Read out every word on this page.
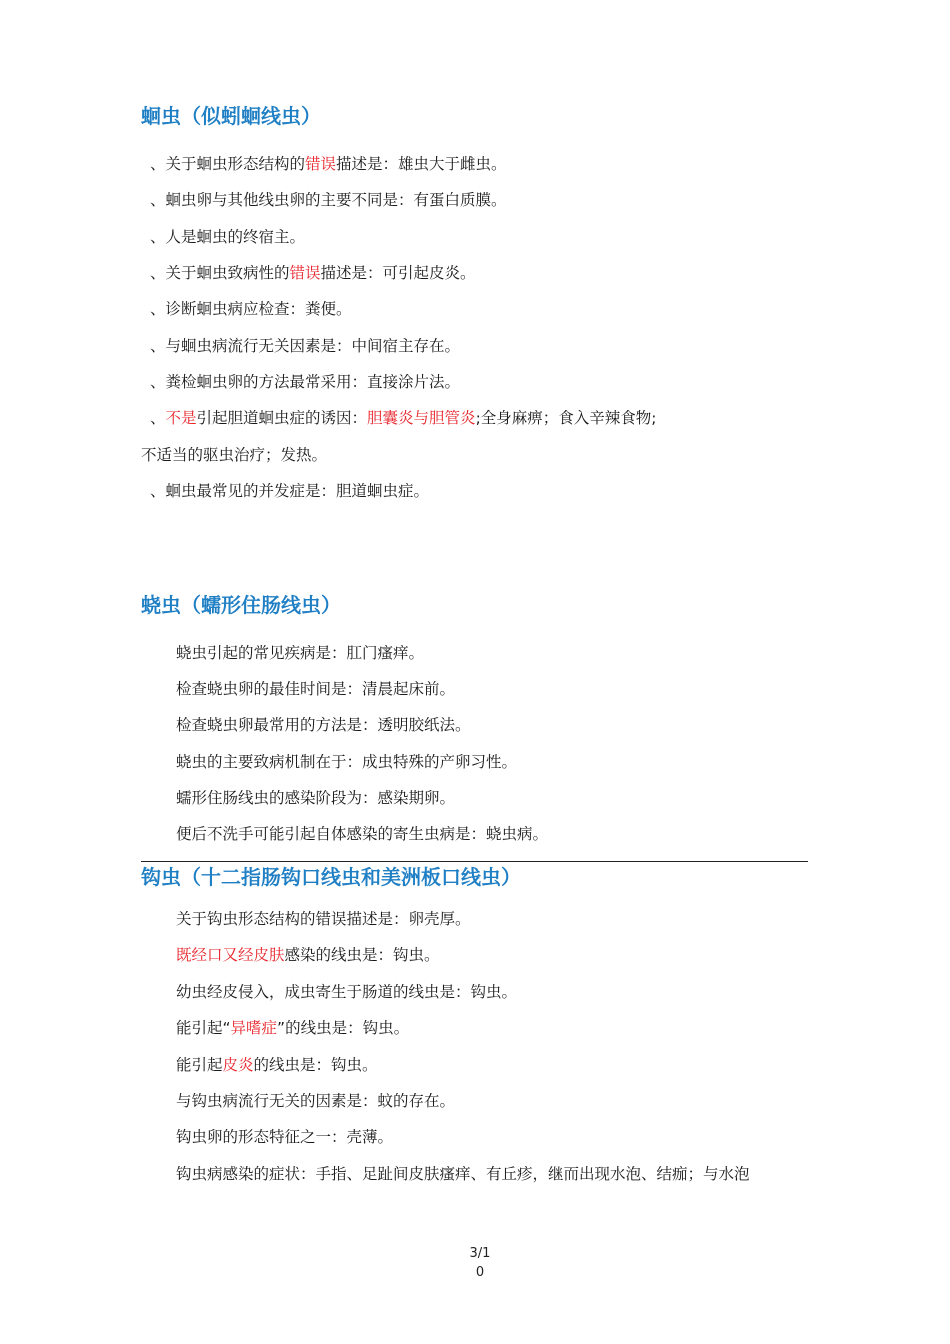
蛔虫（似蚓蛔线虫）

、关于蛔虫形态结构的错误描述是：雄虫大于雌虫。

、蛔虫卵与其他线虫卵的主要不同是：有蛋白质膜。

、人是蛔虫的终宿主。

、关于蛔虫致病性的错误描述是：可引起皮炎。

、诊断蛔虫病应检查：粪便。

、与蛔虫病流行无关因素是：中间宿主存在。

、粪检蛔虫卵的方法最常采用：直接涂片法。

、不是引起胆道蛔虫症的诱因：胆囊炎与胆管炎;全身麻痹；食入辛辣食物;

不适当的驱虫治疗；发热。

、蛔虫最常见的并发症是：胆道蛔虫症。

蛲虫（蠕形住肠线虫）

蛲虫引起的常见疾病是：肛门瘙痒。

检查蛲虫卵的最佳时间是：清晨起床前。

检查蛲虫卵最常用的方法是：透明胶纸法。

蛲虫的主要致病机制在于：成虫特殊的产卵习性。

蠕形住肠线虫的感染阶段为：感染期卵。

便后不洗手可能引起自体感染的寄生虫病是：蛲虫病。

钩虫（十二指肠钩口线虫和美洲板口线虫）

关于钩虫形态结构的错误描述是：卵壳厚。

既经口又经皮肤感染的线虫是：钩虫。

幼虫经皮侵入，成虫寄生于肠道的线虫是：钩虫。

能引起“异嗜症”的线虫是：钩虫。

能引起皮炎的线虫是：钩虫。

与钩虫病流行无关的因素是：蚊的存在。

钩虫卵的形态特征之一：壳薄。

钩虫病感染的症状：手指、足趾间皮肤瘙痒、有丘疹，继而出现水泡、结痂；与水泡

3/1
0
